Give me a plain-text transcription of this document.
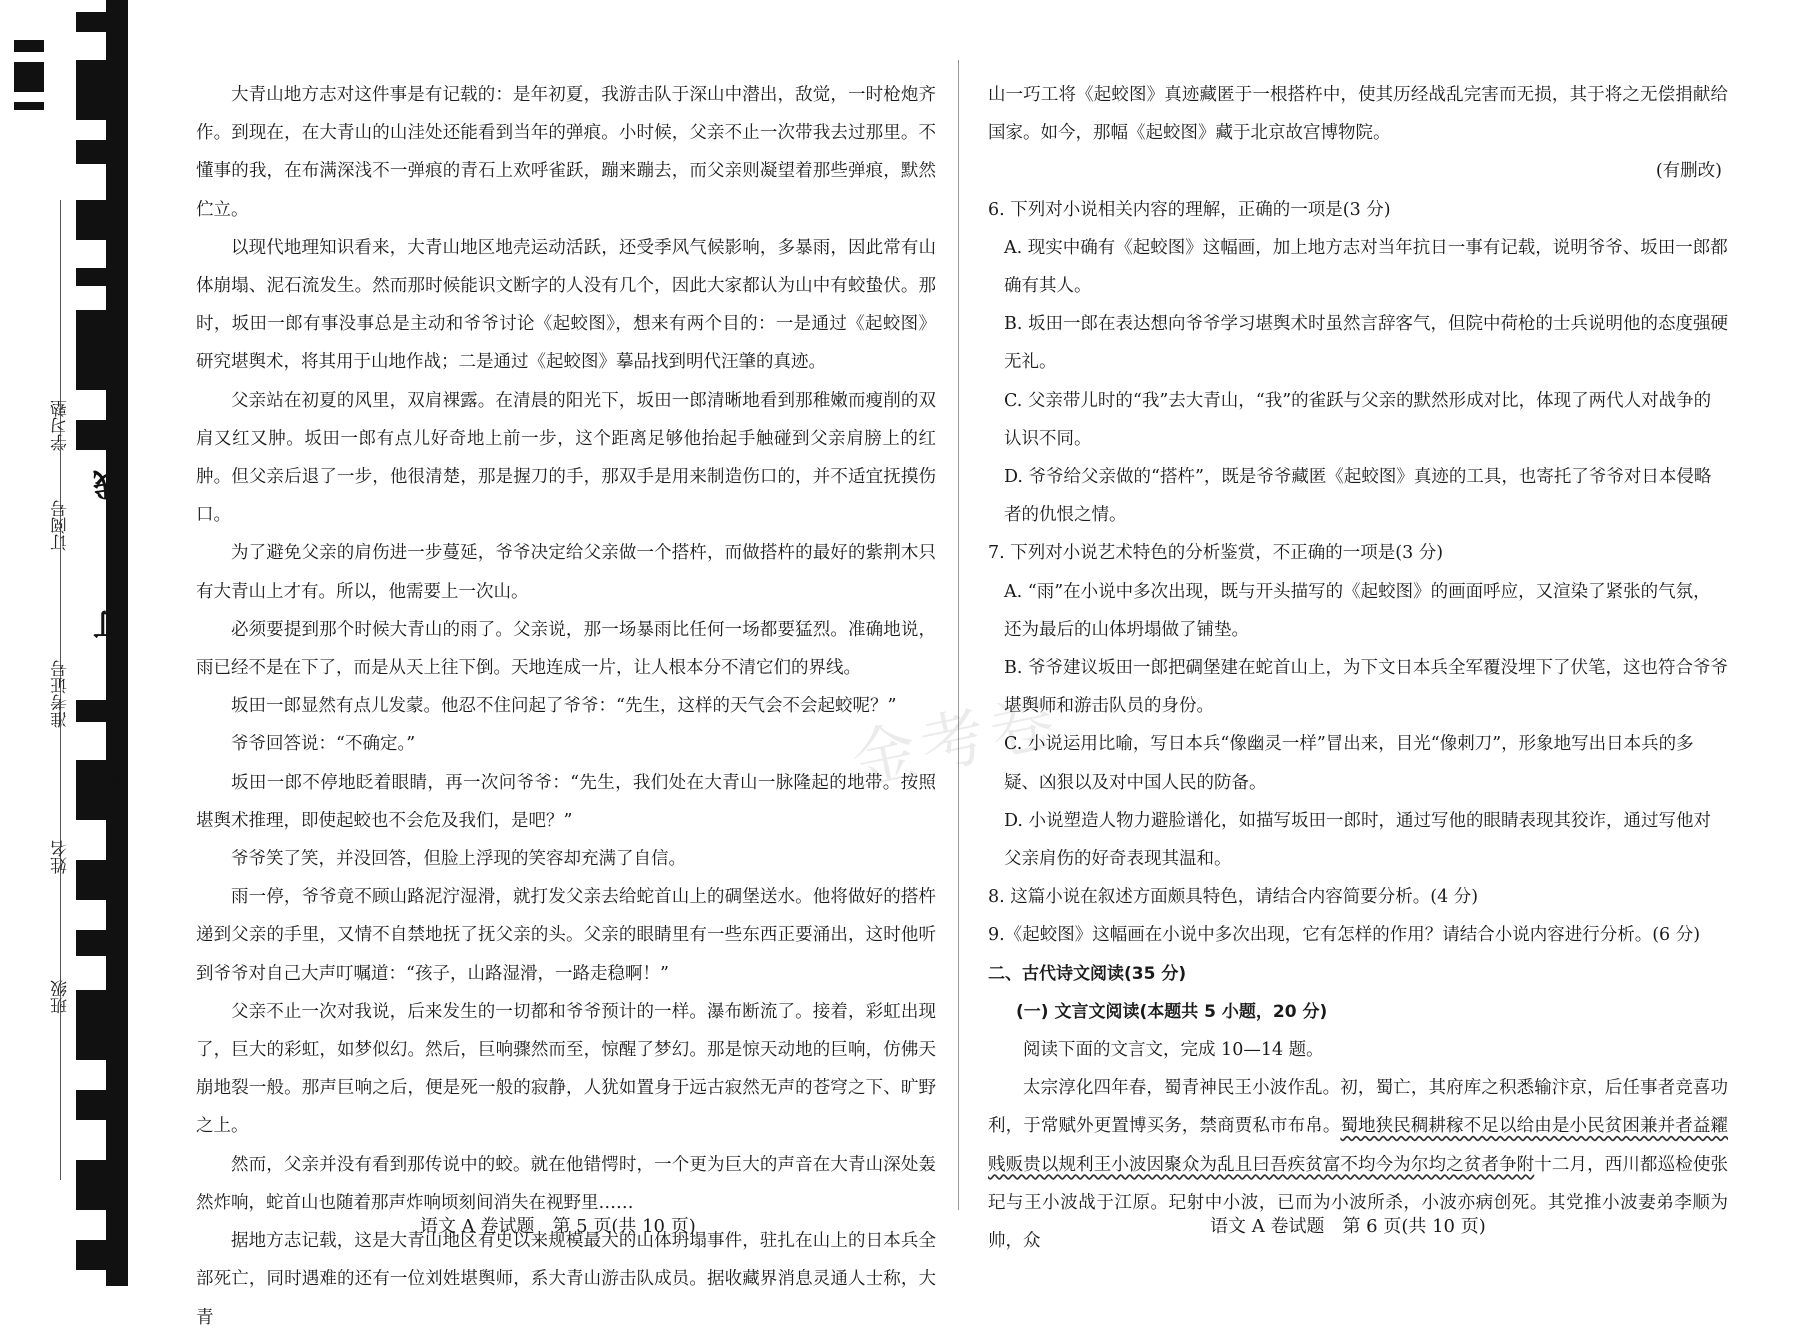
学习塾
订阅号
准考证号
姓名
班级
线
订
装	金考卷

大青山地方志对这件事是有记载的：是年初夏，我游击队于深山中潜出，敌觉，一时枪炮齐作。到现在，在大青山的山洼处还能看到当年的弹痕。小时候，父亲不止一次带我去过那里。不懂事的我，在布满深浅不一弹痕的青石上欢呼雀跃，蹦来蹦去，而父亲则凝望着那些弹痕，默然伫立。

以现代地理知识看来，大青山地区地壳运动活跃，还受季风气候影响，多暴雨，因此常有山体崩塌、泥石流发生。然而那时候能识文断字的人没有几个，因此大家都认为山中有蛟蛰伏。那时，坂田一郎有事没事总是主动和爷爷讨论《起蛟图》，想来有两个目的：一是通过《起蛟图》研究堪舆术，将其用于山地作战；二是通过《起蛟图》摹品找到明代汪肇的真迹。

父亲站在初夏的风里，双肩裸露。在清晨的阳光下，坂田一郎清晰地看到那稚嫩而瘦削的双肩又红又肿。坂田一郎有点儿好奇地上前一步，这个距离足够他抬起手触碰到父亲肩膀上的红肿。但父亲后退了一步，他很清楚，那是握刀的手，那双手是用来制造伤口的，并不适宜抚摸伤口。

为了避免父亲的肩伤进一步蔓延，爷爷决定给父亲做一个搭杵，而做搭杵的最好的紫荆木只有大青山上才有。所以，他需要上一次山。

必须要提到那个时候大青山的雨了。父亲说，那一场暴雨比任何一场都要猛烈。准确地说，雨已经不是在下了，而是从天上往下倒。天地连成一片，让人根本分不清它们的界线。

坂田一郎显然有点儿发蒙。他忍不住问起了爷爷：“先生，这样的天气会不会起蛟呢？”

爷爷回答说：“不确定。”

坂田一郎不停地眨着眼睛，再一次问爷爷：“先生，我们处在大青山一脉隆起的地带。按照堪舆术推理，即使起蛟也不会危及我们，是吧？”

爷爷笑了笑，并没回答，但脸上浮现的笑容却充满了自信。

雨一停，爷爷竟不顾山路泥泞湿滑，就打发父亲去给蛇首山上的碉堡送水。他将做好的搭杵递到父亲的手里，又情不自禁地抚了抚父亲的头。父亲的眼睛里有一些东西正要涌出，这时他听到爷爷对自己大声叮嘱道：“孩子，山路湿滑，一路走稳啊！”

父亲不止一次对我说，后来发生的一切都和爷爷预计的一样。瀑布断流了。接着，彩虹出现了，巨大的彩虹，如梦似幻。然后，巨响骤然而至，惊醒了梦幻。那是惊天动地的巨响，仿佛天崩地裂一般。那声巨响之后，便是死一般的寂静，人犹如置身于远古寂然无声的苍穹之下、旷野之上。

然而，父亲并没有看到那传说中的蛟。就在他错愕时，一个更为巨大的声音在大青山深处轰然炸响，蛇首山也随着那声炸响顷刻间消失在视野里……

据地方志记载，这是大青山地区有史以来规模最大的山体坍塌事件，驻扎在山上的日本兵全部死亡，同时遇难的还有一位刘姓堪舆师，系大青山游击队成员。据收藏界消息灵通人士称，大青

山一巧工将《起蛟图》真迹藏匿于一根搭杵中，使其历经战乱完害而无损，其于将之无偿捐献给国家。如今，那幅《起蛟图》藏于北京故宫博物院。

(有删改)

6. 下列对小说相关内容的理解，正确的一项是(3 分)

A. 现实中确有《起蛟图》这幅画，加上地方志对当年抗日一事有记载，说明爷爷、坂田一郎都确有其人。

B. 坂田一郎在表达想向爷爷学习堪舆术时虽然言辞客气，但院中荷枪的士兵说明他的态度强硬无礼。

C. 父亲带儿时的“我”去大青山，“我”的雀跃与父亲的默然形成对比，体现了两代人对战争的认识不同。

D. 爷爷给父亲做的“搭杵”，既是爷爷藏匿《起蛟图》真迹的工具，也寄托了爷爷对日本侵略者的仇恨之情。

7. 下列对小说艺术特色的分析鉴赏，不正确的一项是(3 分)

A. “雨”在小说中多次出现，既与开头描写的《起蛟图》的画面呼应，又渲染了紧张的气氛，还为最后的山体坍塌做了铺垫。

B. 爷爷建议坂田一郎把碉堡建在蛇首山上，为下文日本兵全军覆没埋下了伏笔，这也符合爷爷堪舆师和游击队员的身份。

C. 小说运用比喻，写日本兵“像幽灵一样”冒出来，目光“像刺刀”，形象地写出日本兵的多疑、凶狠以及对中国人民的防备。

D. 小说塑造人物力避脸谱化，如描写坂田一郎时，通过写他的眼睛表现其狡诈，通过写他对父亲肩伤的好奇表现其温和。

8. 这篇小说在叙述方面颇具特色，请结合内容简要分析。(4 分)

9.《起蛟图》这幅画在小说中多次出现，它有怎样的作用？请结合小说内容进行分析。(6 分)

二、古代诗文阅读(35 分)

(一) 文言文阅读(本题共 5 小题，20 分)

阅读下面的文言文，完成 10—14 题。

太宗淳化四年春，蜀青神民王小波作乱。初，蜀亡，其府库之积悉输汴京，后任事者竞喜功利，于常赋外更置博买务，禁商贾私市布帛。蜀地狭民稠耕稼不足以给由是小民贫困兼并者益糴贱贩贵以规利王小波因聚众为乱且曰吾疾贫富不均今为尔均之贫者争附十二月，西川都巡检使张玘与王小波战于江原。玘射中小波，已而为小波所杀，小波亦病创死。其党推小波妻弟李顺为帅，众

语文 A 卷试题　第 5 页(共 10 页)	语文 A 卷试题　第 6 页(共 10 页)
